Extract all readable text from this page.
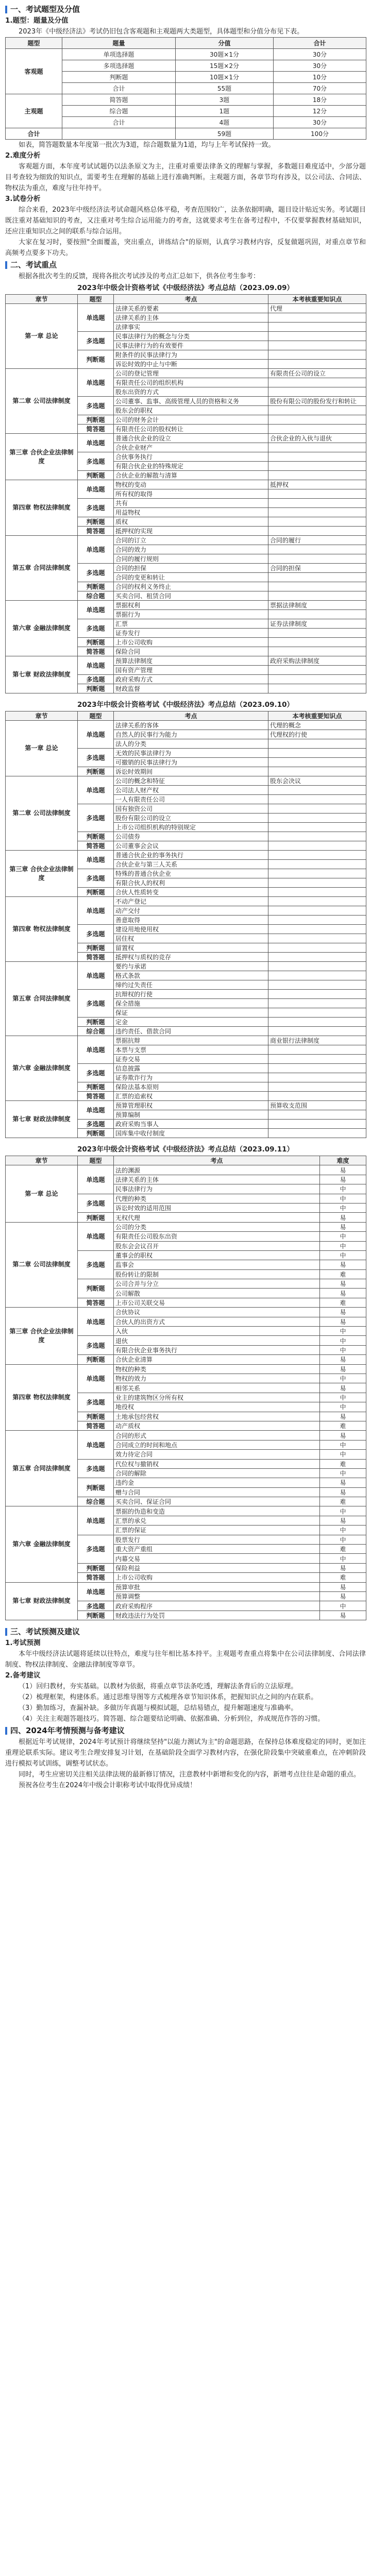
一、考试题型及分值
1.题型：题量及分值

2023年《中级经济法》考试仍旧包含客观题和主观题两大类题型，具体题型和分值分布见下表。

题型	题量	分值	合计
客观题	单项选择题	30题×1分	30分
	多项选择题	15题×2分	30分
	判断题	10题×1分	10分
	合计	55题	70分
主观题	简答题	3题	18分
	综合题	1题	12分
	合计	4题	30分
合计		59题	100分

如表，简答题数量本年度第一批次为3道，综合题数量为1道，均与上年考试保持一致。

2.难度分析

客观题方面，本年度考试试题仍以法条原文为主，注重对重要法律条文的理解与掌握，多数题目难度适中，少部分题目考查较为细致的知识点，需要考生在理解的基础上进行准确判断。主观题方面，各章节均有涉及，以公司法、合同法、物权法为重点，难度与往年持平。

3.试卷分析

综合来看，2023年中级经济法考试命题风格总体平稳，考查范围较广，法条依据明确，题目设计贴近实务。考试题目既注重对基础知识的考查，又注重对考生综合运用能力的考查，这就要求考生在备考过程中，不仅要掌握教材基础知识，还应注重知识点之间的联系与综合运用。

大家在复习时，要按照"全面覆盖，突出重点，讲练结合"的原则，认真学习教材内容，反复做题巩固，对重点章节和高频考点要多下功夫。

二、考试重点

根据各批次考生的反馈，现将各批次考试涉及的考点汇总如下，供各位考生参考：

2023年中级会计资格考试《中级经济法》考点总结（2023.09.09）
章节	题型	考点	本考核重要知识点
第一章 总论	单选题	法律关系的要素	代理
		法律关系的主体	
		法律事实	
	多选题	民事法律行为的概念与分类	
		民事法律行为的有效要件	
	判断题	附条件的民事法律行为	
		诉讼时效的中止与中断	
第二章 公司法律制度	单选题	公司的登记管理	有限责任公司的设立
		有限责任公司的组织机构	
		股东出资的方式	
	多选题	公司董事、监事、高级管理人员的资格和义务	股份有限公司的股份发行和转让
		股东会的职权	
	判断题	公司的财务会计	
	简答题	有限责任公司的股权转让	
第三章 合伙企业法律制度	单选题	普通合伙企业的设立	合伙企业的入伙与退伙
		合伙企业财产	
	多选题	合伙事务执行	
		有限合伙企业的特殊规定	
	判断题	合伙企业的解散与清算	
第四章 物权法律制度	单选题	物权的变动	抵押权
		所有权的取得	
	多选题	共有	
		用益物权	
	判断题	质权	
	简答题	抵押权的实现	
第五章 合同法律制度	单选题	合同的订立	合同的履行
		合同的效力	
		合同的履行规则	
	多选题	合同的担保	合同的担保
		合同的变更和转让	
	判断题	合同的权利义务终止	
	综合题	买卖合同、租赁合同	
第六章 金融法律制度	单选题	票据权利	票据法律制度
		票据行为	
	多选题	汇票	证券法律制度
		证券发行	
	判断题	上市公司收购	
	简答题	保险合同	
第七章 财政法律制度	单选题	预算法律制度	政府采购法律制度
		国有资产管理	
	多选题	政府采购方式	
	判断题	财政监督	
2023年中级会计资格考试《中级经济法》考点总结（2023.09.10）
章节	题型	考点	本考核重要知识点
第一章 总论	单选题	法律关系的客体	代理的概念
		自然人的民事行为能力	代理权的行使
		法人的分类	
	多选题	无效的民事法律行为	
		可撤销的民事法律行为	
	判断题	诉讼时效期间	
第二章 公司法律制度	单选题	公司的概念和特征	股东会决议
		公司法人财产权	
		一人有限责任公司	
	多选题	国有独资公司	
		股份有限公司的设立	
		上市公司组织机构的特别规定	
	判断题	公司债券	
	简答题	公司董事会会议	
第三章 合伙企业法律制度	单选题	普通合伙企业的事务执行	
		合伙企业与第三人关系	
	多选题	特殊的普通合伙企业	
		有限合伙人的权利	
	判断题	合伙人性质转变	
第四章 物权法律制度	单选题	不动产登记	
		动产交付	
		善意取得	
	多选题	建设用地使用权	
		居住权	
	判断题	留置权	
	简答题	抵押权与质权的竞存	
第五章 合同法律制度	单选题	要约与承诺	
		格式条款	
		缔约过失责任	
	多选题	抗辩权的行使	
		保全措施	
		保证	
	判断题	定金	
	综合题	违约责任、借款合同	
第六章 金融法律制度	单选题	票据抗辩	商业银行法律制度
		本票与支票	
		证券交易	
	多选题	信息披露	
		证券欺诈行为	
	判断题	保险法基本原则	
	简答题	汇票的追索权	
第七章 财政法律制度	单选题	预算管理职权	预算收支范围
		预算编制	
	多选题	政府采购当事人	
	判断题	国库集中收付制度	
2023年中级会计资格考试《中级经济法》考点总结（2023.09.11）
章节	题型	考点	难度
第一章 总论	单选题	法的渊源	易
		法律关系的主体	易
		民事法律行为	中
	多选题	代理的种类	中
		诉讼时效的适用范围	中
	判断题	无权代理	易
第二章 公司法律制度	单选题	公司的分类	易
		有限责任公司股东出资	中
		股东会会议召开	中
	多选题	董事会的职权	中
		监事会	易
		股份转让的限制	难
	判断题	公司合并与分立	易
		公司解散	易
	简答题	上市公司关联交易	难
第三章 合伙企业法律制度	单选题	合伙协议	易
		合伙人的出资方式	易
		入伙	中
	多选题	退伙	中
		有限合伙企业事务执行	中
	判断题	合伙企业清算	易
第四章 物权法律制度	单选题	物权的种类	易
		物权的效力	中
		相邻关系	易
	多选题	业主的建筑物区分所有权	中
		地役权	中
	判断题	土地承包经营权	易
	简答题	动产质权	难
第五章 合同法律制度	单选题	合同的形式	易
		合同成立的时间和地点	中
		效力待定合同	中
	多选题	代位权与撤销权	难
		合同的解除	中
	判断题	违约金	易
		赠与合同	易
	综合题	买卖合同、保证合同	难
第六章 金融法律制度	单选题	票据的伪造和变造	中
		汇票的承兑	易
		汇票的保证	中
	多选题	股票发行	中
		重大资产重组	难
		内幕交易	中
	判断题	保险利益	易
	简答题	上市公司收购	难
第七章 财政法律制度	单选题	预算审批	易
		预算调整	易
	多选题	政府采购程序	中
	判断题	财政违法行为处罚	易
三、考试预测及建议
1.考试预测

本年中级经济法试题将延续以往特点，难度与往年相比基本持平。主观题考查重点将集中在公司法律制度、合同法律制度、物权法律制度、金融法律制度等章节。

2.备考建议

（1）回归教材，夯实基础。以教材为依据，将重点章节法条吃透，理解法条背后的立法原理。

（2）梳理框架，构建体系。通过思维导图等方式梳理各章节知识体系，把握知识点之间的内在联系。

（3）勤加练习，查漏补缺。多做历年真题与模拟试题，总结易错点，提升解题速度与准确率。

（4）关注主观题答题技巧。简答题、综合题要结论明确、依据准确、分析到位，养成规范作答的习惯。

四、2024年考情预测与备考建议

根据近年考试规律，2024年考试预计将继续坚持"以能力测试为主"的命题思路，在保持总体难度稳定的同时，更加注重理论联系实际。建议考生合理安排复习计划，在基础阶段全面学习教材内容，在强化阶段集中突破重难点，在冲刺阶段进行模拟考试训练，调整考试状态。

同时，考生应密切关注相关法律法规的最新修订情况，注意教材中新增和变化的内容，新增考点往往是命题的重点。

预祝各位考生在2024年中级会计职称考试中取得优异成绩！
